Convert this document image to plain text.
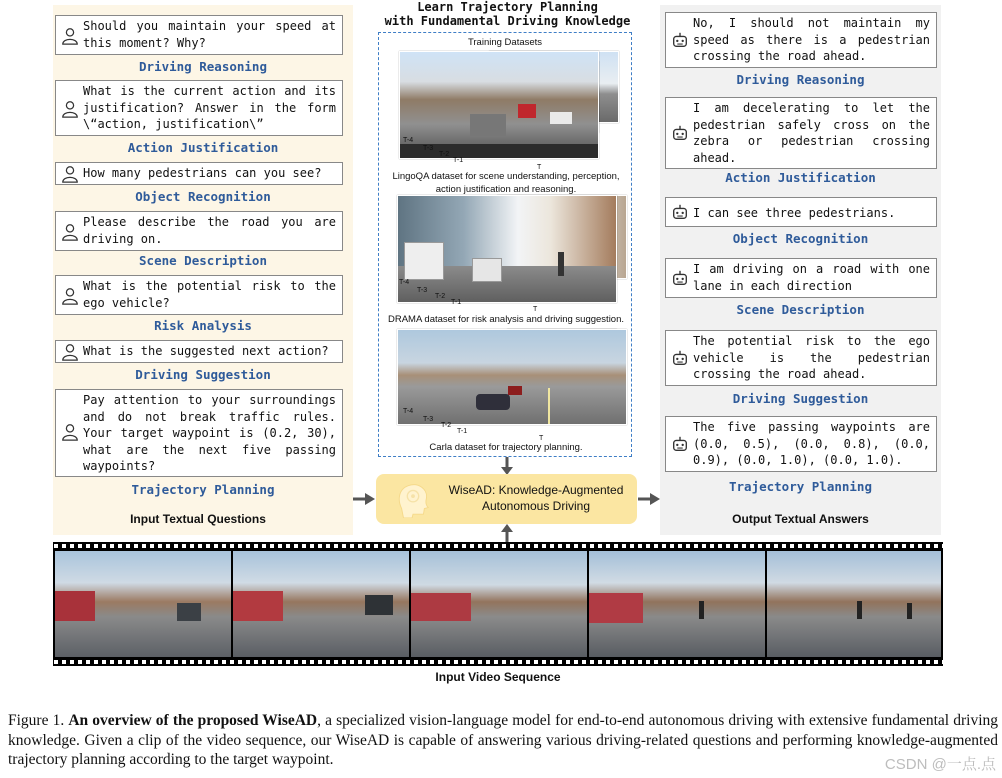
Should you maintain your speed at this moment? Why?
Driving Reasoning
What is the current action and its justification? Answer in the form \“action, justification\”
Action Justification
How many pedestrians can you see?
Object Recognition
Please describe the road you are driving on.
Scene Description
What is the potential risk to the ego vehicle?
Risk Analysis
What is the suggested next action?
Driving Suggestion
Pay attention to your surroundings and do not break traffic rules. Your target waypoint is (0.2, 30), what are the next five passing waypoints?
Trajectory Planning
Input Textual Questions
Learn Trajectory Planning
with Fundamental Driving Knowledge
Training Datasets
T-4
T-3
T-2
T-1
T
LingoQA dataset for scene understanding, perception, action justification and reasoning.
T-4
T-3
T-2
T-1
T
DRAMA dataset for risk analysis and driving suggestion.
T-4
T-3
T-2
T-1
T
Carla dataset for trajectory planning.
WiseAD: Knowledge-Augmented
Autonomous Driving
No, I should not maintain my speed as there is a pedestrian crossing the road ahead.
Driving Reasoning
I am decelerating to let the pedestrian safely cross on the zebra or pedestrian crossing ahead.
Action Justification
I can see three pedestrians.
Object Recognition
I am driving on a road with one lane in each direction
Scene Description
The potential risk to the ego vehicle is the pedestrian crossing the road ahead.
Driving Suggestion
The five passing waypoints are (0.0, 0.5), (0.0, 0.8), (0.0, 0.9), (0.0, 1.0), (0.0, 1.0).
Trajectory Planning
Output Textual Answers
Input Video Sequence
Figure 1. An overview of the proposed WiseAD, a specialized vision-language model for end-to-end autonomous driving with extensive fundamental driving knowledge. Given a clip of the video sequence, our WiseAD is capable of answering various driving-related questions and performing knowledge-augmented trajectory planning according to the target waypoint.	CSDN @一点.点
